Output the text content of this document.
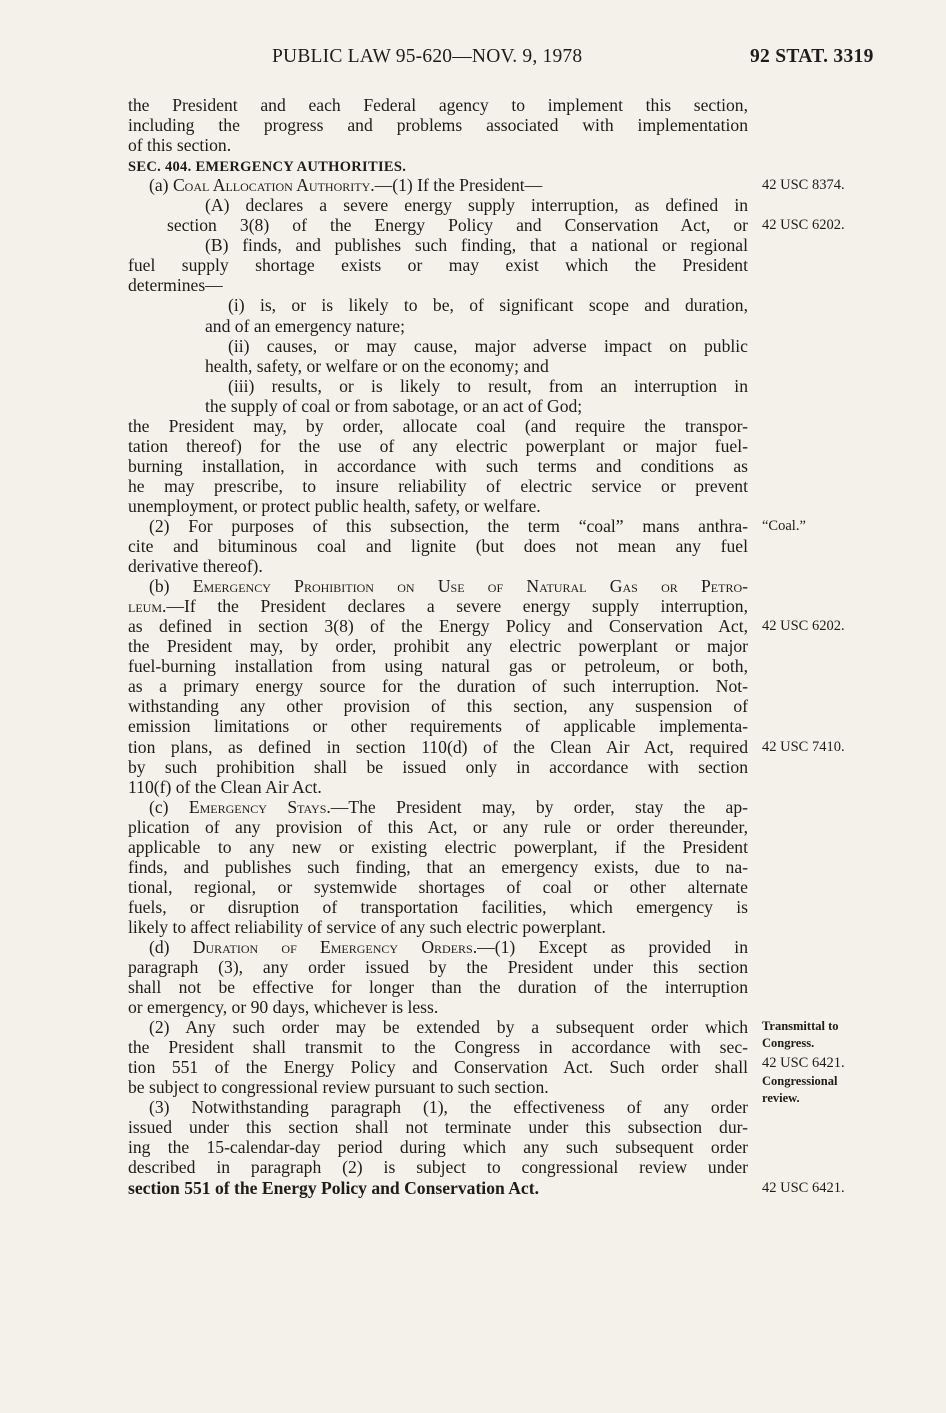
PUBLIC LAW 95-620—NOV. 9, 1978	92 STAT. 3319
the President and each Federal agency to implement this section,
including the progress and problems associated with implementation
of this section.
SEC. 404. EMERGENCY AUTHORITIES.
(a) Coal Allocation Authority.—(1) If the President—
(A) declares a severe energy supply interruption, as defined in
section 3(8) of the Energy Policy and Conservation Act, or
(B) finds, and publishes such finding, that a national or regional
fuel supply shortage exists or may exist which the President
determines—
(i) is, or is likely to be, of significant scope and duration,
and of an emergency nature;
(ii) causes, or may cause, major adverse impact on public
health, safety, or welfare or on the economy; and
(iii) results, or is likely to result, from an interruption in
the supply of coal or from sabotage, or an act of God;
the President may, by order, allocate coal (and require the transpor-
tation thereof) for the use of any electric powerplant or major fuel-
burning installation, in accordance with such terms and conditions as
he may prescribe, to insure reliability of electric service or prevent
unemployment, or protect public health, safety, or welfare.
(2) For purposes of this subsection, the term “coal” mans anthra-
cite and bituminous coal and lignite (but does not mean any fuel
derivative thereof).
(b) Emergency Prohibition on Use of Natural Gas or Petro-
leum.—If the President declares a severe energy supply interruption,
as defined in section 3(8) of the Energy Policy and Conservation Act,
the President may, by order, prohibit any electric powerplant or major
fuel-burning installation from using natural gas or petroleum, or both,
as a primary energy source for the duration of such interruption. Not-
withstanding any other provision of this section, any suspension of
emission limitations or other requirements of applicable implementa-
tion plans, as defined in section 110(d) of the Clean Air Act, required
by such prohibition shall be issued only in accordance with section
110(f) of the Clean Air Act.
(c) Emergency Stays.—The President may, by order, stay the ap-
plication of any provision of this Act, or any rule or order thereunder,
applicable to any new or existing electric powerplant, if the President
finds, and publishes such finding, that an emergency exists, due to na-
tional, regional, or systemwide shortages of coal or other alternate
fuels, or disruption of transportation facilities, which emergency is
likely to affect reliability of service of any such electric powerplant.
(d) Duration of Emergency Orders.—(1) Except as provided in
paragraph (3), any order issued by the President under this section
shall not be effective for longer than the duration of the interruption
or emergency, or 90 days, whichever is less.
(2) Any such order may be extended by a subsequent order which
the President shall transmit to the Congress in accordance with sec-
tion 551 of the Energy Policy and Conservation Act. Such order shall
be subject to congressional review pursuant to such section.
(3) Notwithstanding paragraph (1), the effectiveness of any order
issued under this section shall not terminate under this subsection dur-
ing the 15-calendar-day period during which any such subsequent order
described in paragraph (2) is subject to congressional review under
section 551 of the Energy Policy and Conservation Act.
42 USC 8374.
42 USC 6202.
“Coal.”
42 USC 6202.
42 USC 7410.
Transmittal to
Congress.
42 USC 6421.
Congressional
review.
42 USC 6421.
